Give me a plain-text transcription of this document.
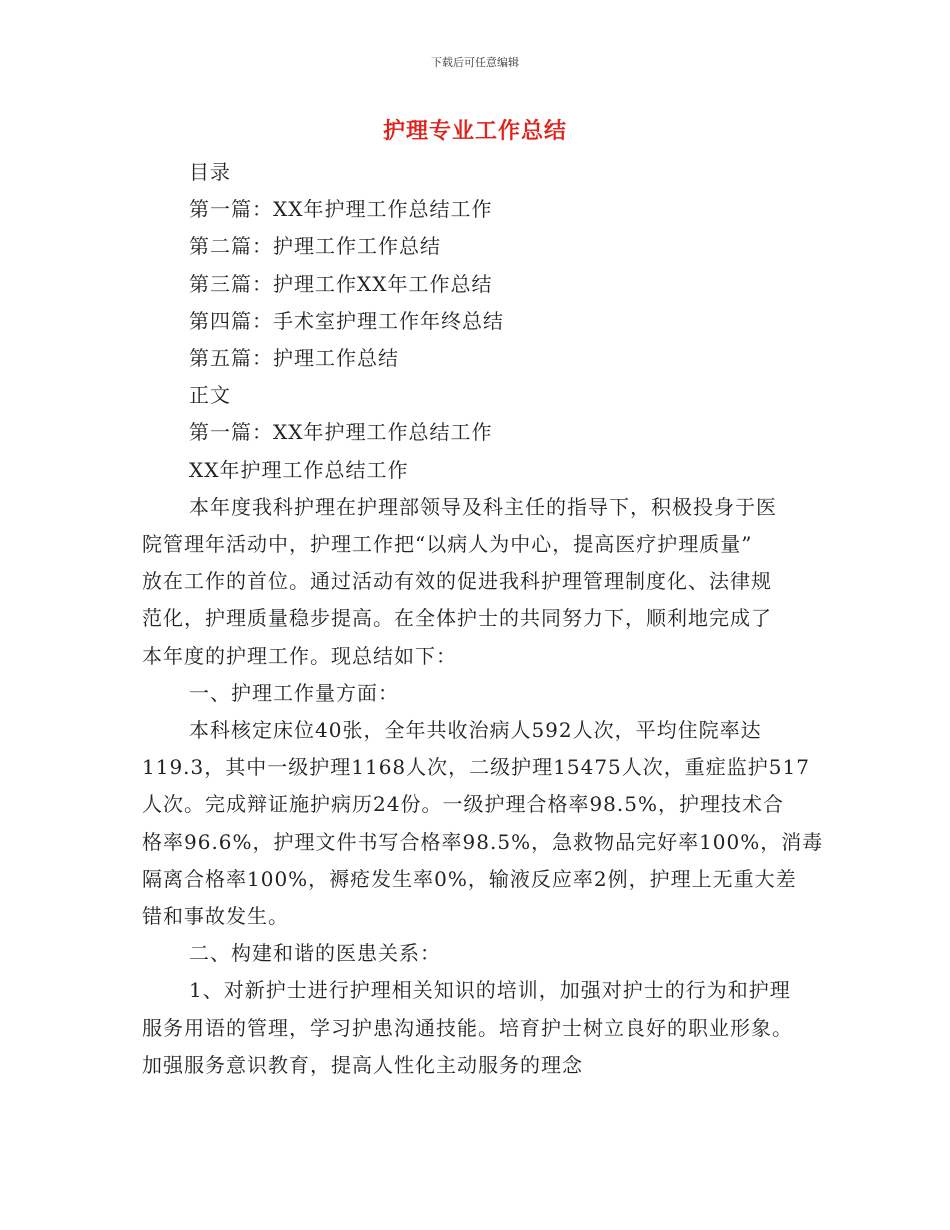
下载后可任意编辑
护理专业工作总结

目录

第一篇：XX年护理工作总结工作

第二篇：护理工作工作总结

第三篇：护理工作XX年工作总结

第四篇：手术室护理工作年终总结

第五篇：护理工作总结

正文

第一篇：XX年护理工作总结工作

XX年护理工作总结工作

本年度我科护理在护理部领导及科主任的指导下，积极投身于医

院管理年活动中，护理工作把“以病人为中心，提高医疗护理质量”

放在工作的首位。通过活动有效的促进我科护理管理制度化、法律规

范化，护理质量稳步提高。在全体护士的共同努力下，顺利地完成了

本年度的护理工作。现总结如下：

一、护理工作量方面：

本科核定床位40张，全年共收治病人592人次，平均住院率达

119.3，其中一级护理1168人次，二级护理15475人次，重症监护517

人次。完成辩证施护病历24份。一级护理合格率98.5%，护理技术合

格率96.6%，护理文件书写合格率98.5%，急救物品完好率100%，消毒

隔离合格率100%，褥疮发生率0%，输液反应率2例，护理上无重大差

错和事故发生。

二、构建和谐的医患关系：

1、对新护士进行护理相关知识的培训，加强对护士的行为和护理

服务用语的管理，学习护患沟通技能。培育护士树立良好的职业形象。

加强服务意识教育，提高人性化主动服务的理念
